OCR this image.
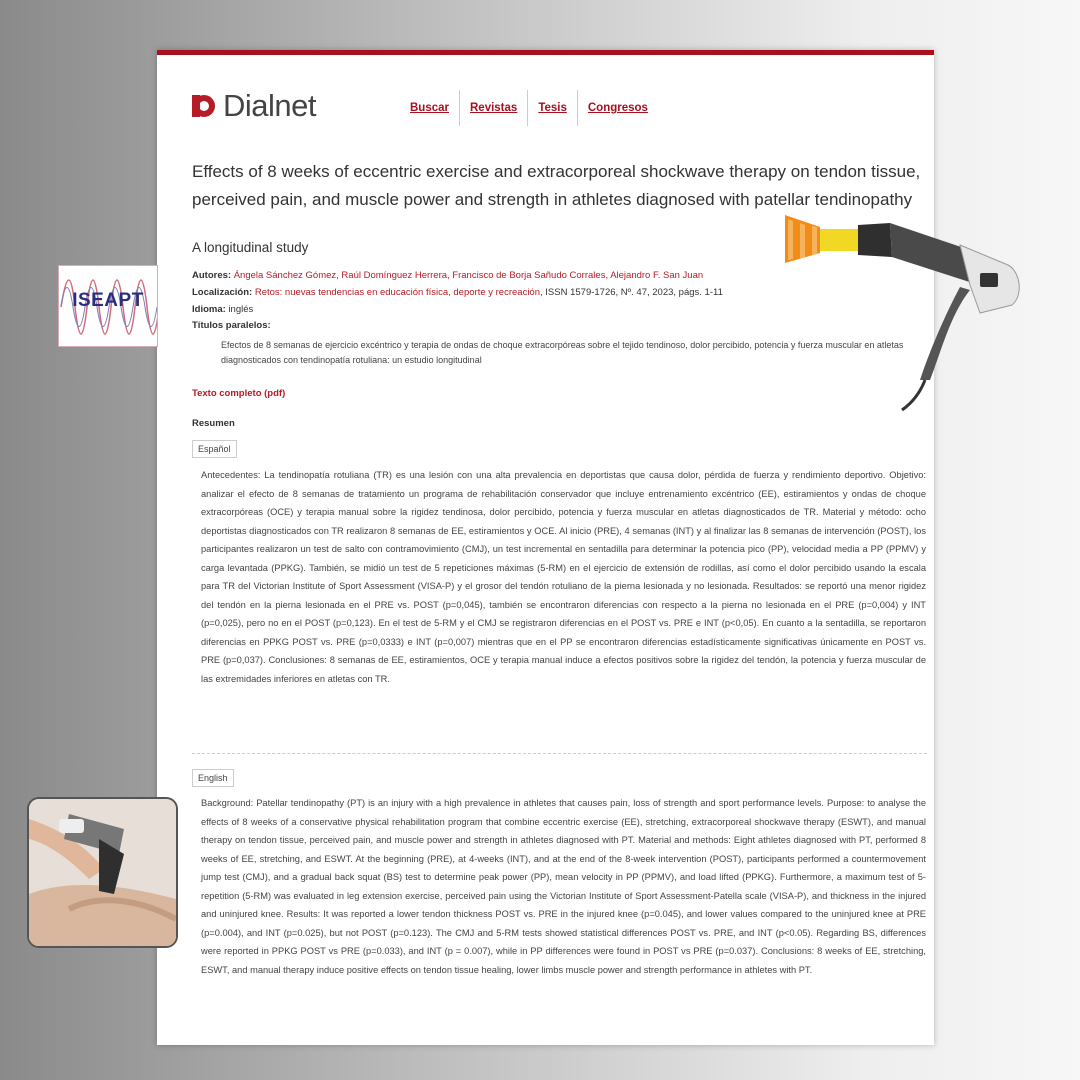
Dialnet	Buscar	Revistas	Tesis	Congresos
Effects of 8 weeks of eccentric exercise and extracorporeal shockwave therapy on tendon tissue, perceived pain, and muscle power and strength in athletes diagnosed with patellar tendinopathy
A longitudinal study
Autores: Ángela Sánchez Gómez, Raúl Domínguez Herrera, Francisco de Borja Sañudo Corrales, Alejandro F. San Juan
Localización: Retos: nuevas tendencias en educación física, deporte y recreación, ISSN 1579-1726, Nº. 47, 2023, págs. 1-11
Idioma: inglés
Títulos paralelos:
Efectos de 8 semanas de ejercicio excéntrico y terapia de ondas de choque extracorpóreas sobre el tejido tendinoso, dolor percibido, potencia y fuerza muscular en atletas diagnosticados con tendinopatía rotuliana: un estudio longitudinal
Texto completo (pdf)
Resumen
Español
Antecedentes: La tendinopatía rotuliana (TR) es una lesión con una alta prevalencia en deportistas que causa dolor, pérdida de fuerza y rendimiento deportivo. Objetivo: analizar el efecto de 8 semanas de tratamiento un programa de rehabilitación conservador que incluye entrenamiento excéntrico (EE), estiramientos y ondas de choque extracorpóreas (OCE) y terapia manual sobre la rigidez tendinosa, dolor percibido, potencia y fuerza muscular en atletas diagnosticados de TR. Material y método: ocho deportistas diagnosticados con TR realizaron 8 semanas de EE, estiramientos y OCE. Al inicio (PRE), 4 semanas (INT) y al finalizar las 8 semanas de intervención (POST), los participantes realizaron un test de salto con contramovimiento (CMJ), un test incremental en sentadilla para determinar la potencia pico (PP), velocidad media a PP (PPMV) y carga levantada (PPKG). También, se midió un test de 5 repeticiones máximas (5-RM) en el ejercicio de extensión de rodillas, así como el dolor percibido usando la escala para TR del Victorian Institute of Sport Assessment (VISA-P) y el grosor del tendón rotuliano de la pierna lesionada y no lesionada. Resultados: se reportó una menor rigidez del tendón en la pierna lesionada en el PRE vs. POST (p=0,045), también se encontraron diferencias con respecto a la pierna no lesionada en el PRE (p=0,004) y INT (p=0,025), pero no en el POST (p=0,123). En el test de 5-RM y el CMJ se registraron diferencias en el POST vs. PRE e INT (p<0,05). En cuanto a la sentadilla, se reportaron diferencias en PPKG POST vs. PRE (p=0,0333) e INT (p=0,007) mientras que en el PP se encontraron diferencias estadísticamente significativas únicamente en POST vs. PRE (p=0,037). Conclusiones: 8 semanas de EE, estiramientos, OCE y terapia manual induce a efectos positivos sobre la rigidez del tendón, la potencia y fuerza muscular de las extremidades inferiores en atletas con TR.
English
Background: Patellar tendinopathy (PT) is an injury with a high prevalence in athletes that causes pain, loss of strength and sport performance levels. Purpose: to analyse the effects of 8 weeks of a conservative physical rehabilitation program that combine eccentric exercise (EE), stretching, extracorporeal shockwave therapy (ESWT), and manual therapy on tendon tissue, perceived pain, and muscle power and strength in athletes diagnosed with PT. Material and methods: Eight athletes diagnosed with PT, performed 8 weeks of EE, stretching, and ESWT. At the beginning (PRE), at 4-weeks (INT), and at the end of the 8-week intervention (POST), participants performed a countermovement jump test (CMJ), and a gradual back squat (BS) test to determine peak power (PP), mean velocity in PP (PPMV), and load lifted (PPKG). Furthermore, a maximum test of 5-repetition (5-RM) was evaluated in leg extension exercise, perceived pain using the Victorian Institute of Sport Assessment-Patella scale (VISA-P), and thickness in the injured and uninjured knee. Results: It was reported a lower tendon thickness POST vs. PRE in the injured knee (p=0.045), and lower values compared to the uninjured knee at PRE (p=0.004), and INT (p=0.025), but not POST (p=0.123). The CMJ and 5-RM tests showed statistical differences POST vs. PRE, and INT (p<0.05). Regarding BS, differences were reported in PPKG POST vs PRE (p=0.033), and INT (p = 0.007), while in PP differences were found in POST vs PRE (p=0.037). Conclusions: 8 weeks of EE, stretching, ESWT, and manual therapy induce positive effects on tendon tissue healing, lower limbs muscle power and strength performance in athletes with PT.
ISEAPT
